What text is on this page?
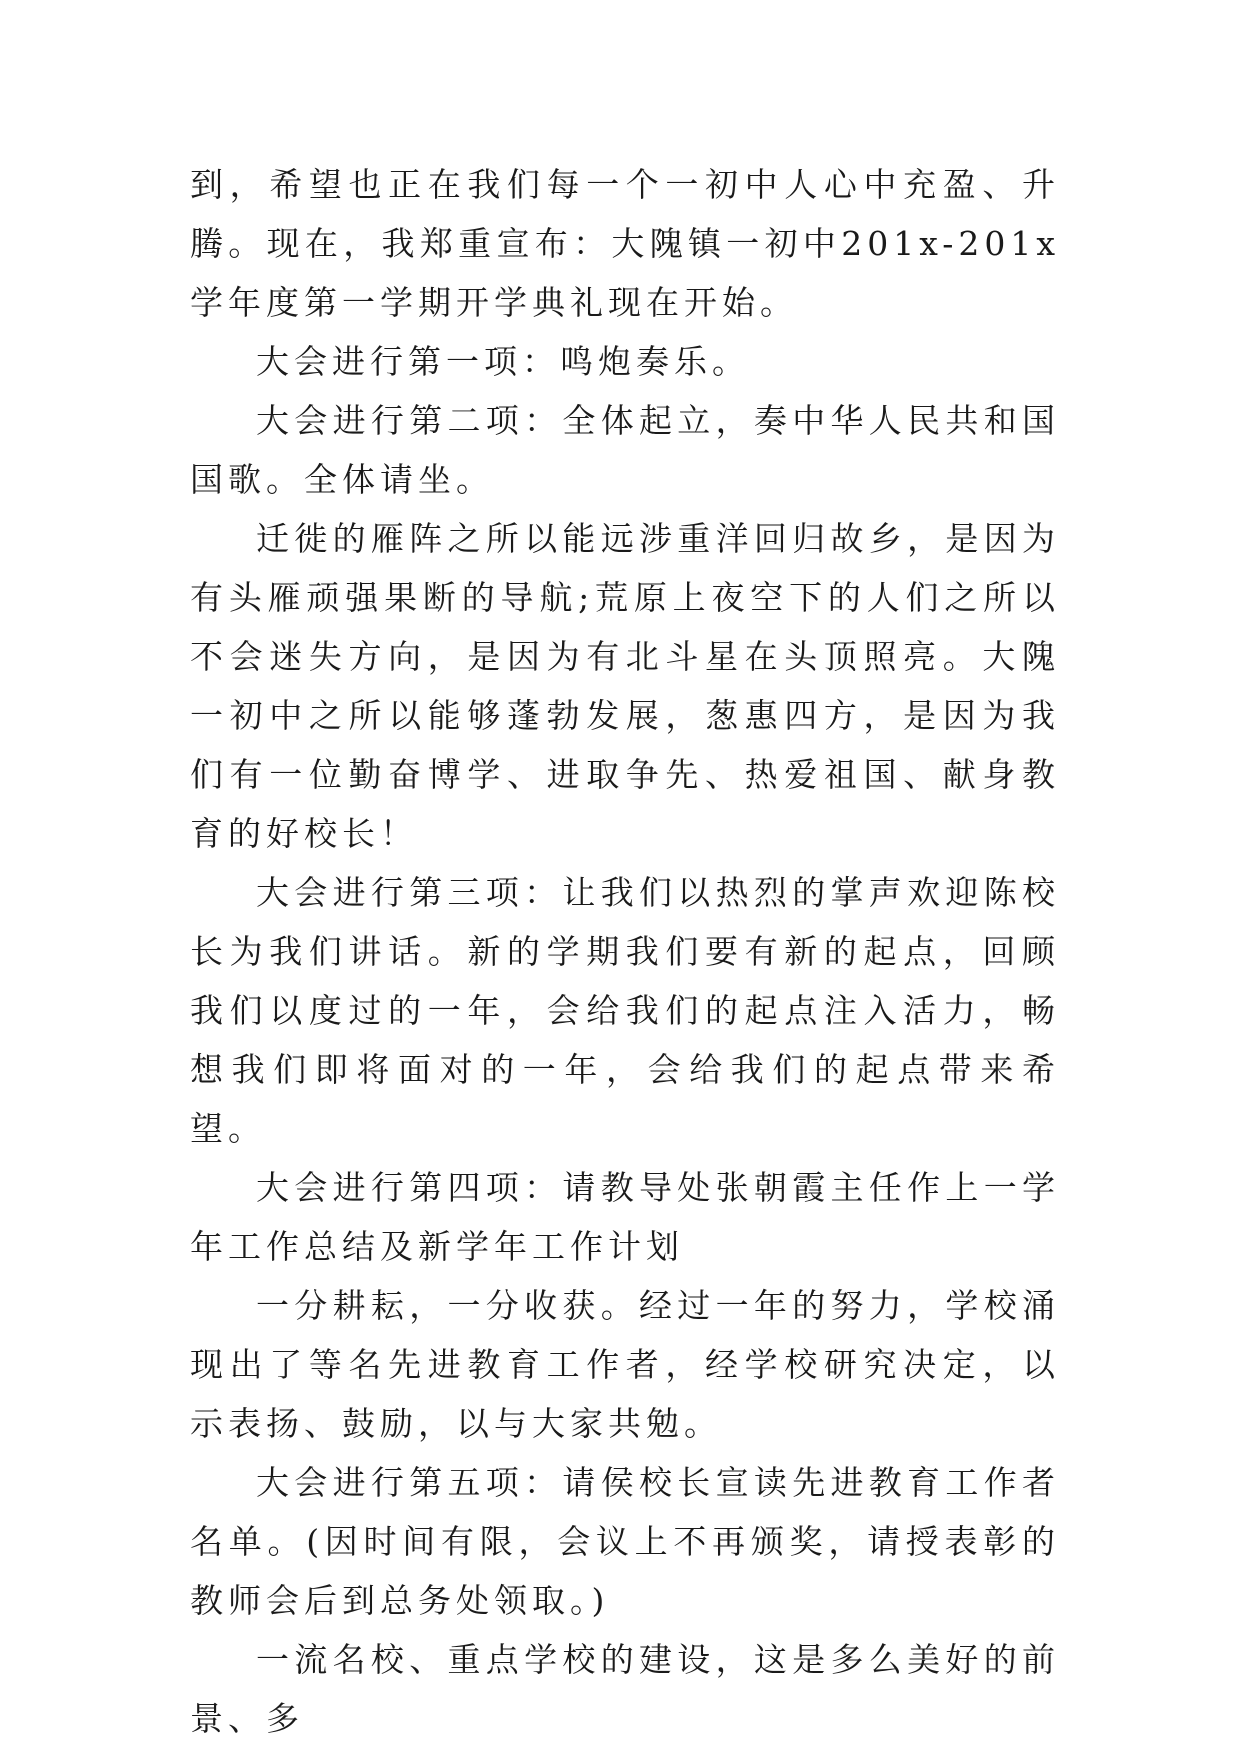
到，希望也正在我们每一个一初中人心中充盈、升腾。现在，我郑重宣布：大隗镇一初中201x-201x学年度第一学期开学典礼现在开始。

大会进行第一项：鸣炮奏乐。

大会进行第二项：全体起立，奏中华人民共和国国歌。全体请坐。

迁徙的雁阵之所以能远涉重洋回归故乡，是因为有头雁顽强果断的导航;荒原上夜空下的人们之所以不会迷失方向，是因为有北斗星在头顶照亮。大隗一初中之所以能够蓬勃发展，葱惠四方，是因为我们有一位勤奋博学、进取争先、热爱祖国、献身教育的好校长！

大会进行第三项：让我们以热烈的掌声欢迎陈校长为我们讲话。新的学期我们要有新的起点，回顾我们以度过的一年，会给我们的起点注入活力，畅想我们即将面对的一年，会给我们的起点带来希望。

大会进行第四项：请教导处张朝霞主任作上一学年工作总结及新学年工作计划

一分耕耘，一分收获。经过一年的努力，学校涌现出了等名先进教育工作者，经学校研究决定，以示表扬、鼓励，以与大家共勉。

大会进行第五项：请侯校长宣读先进教育工作者名单。(因时间有限，会议上不再颁奖，请授表彰的教师会后到总务处领取。)

一流名校、重点学校的建设，这是多么美好的前景、多
